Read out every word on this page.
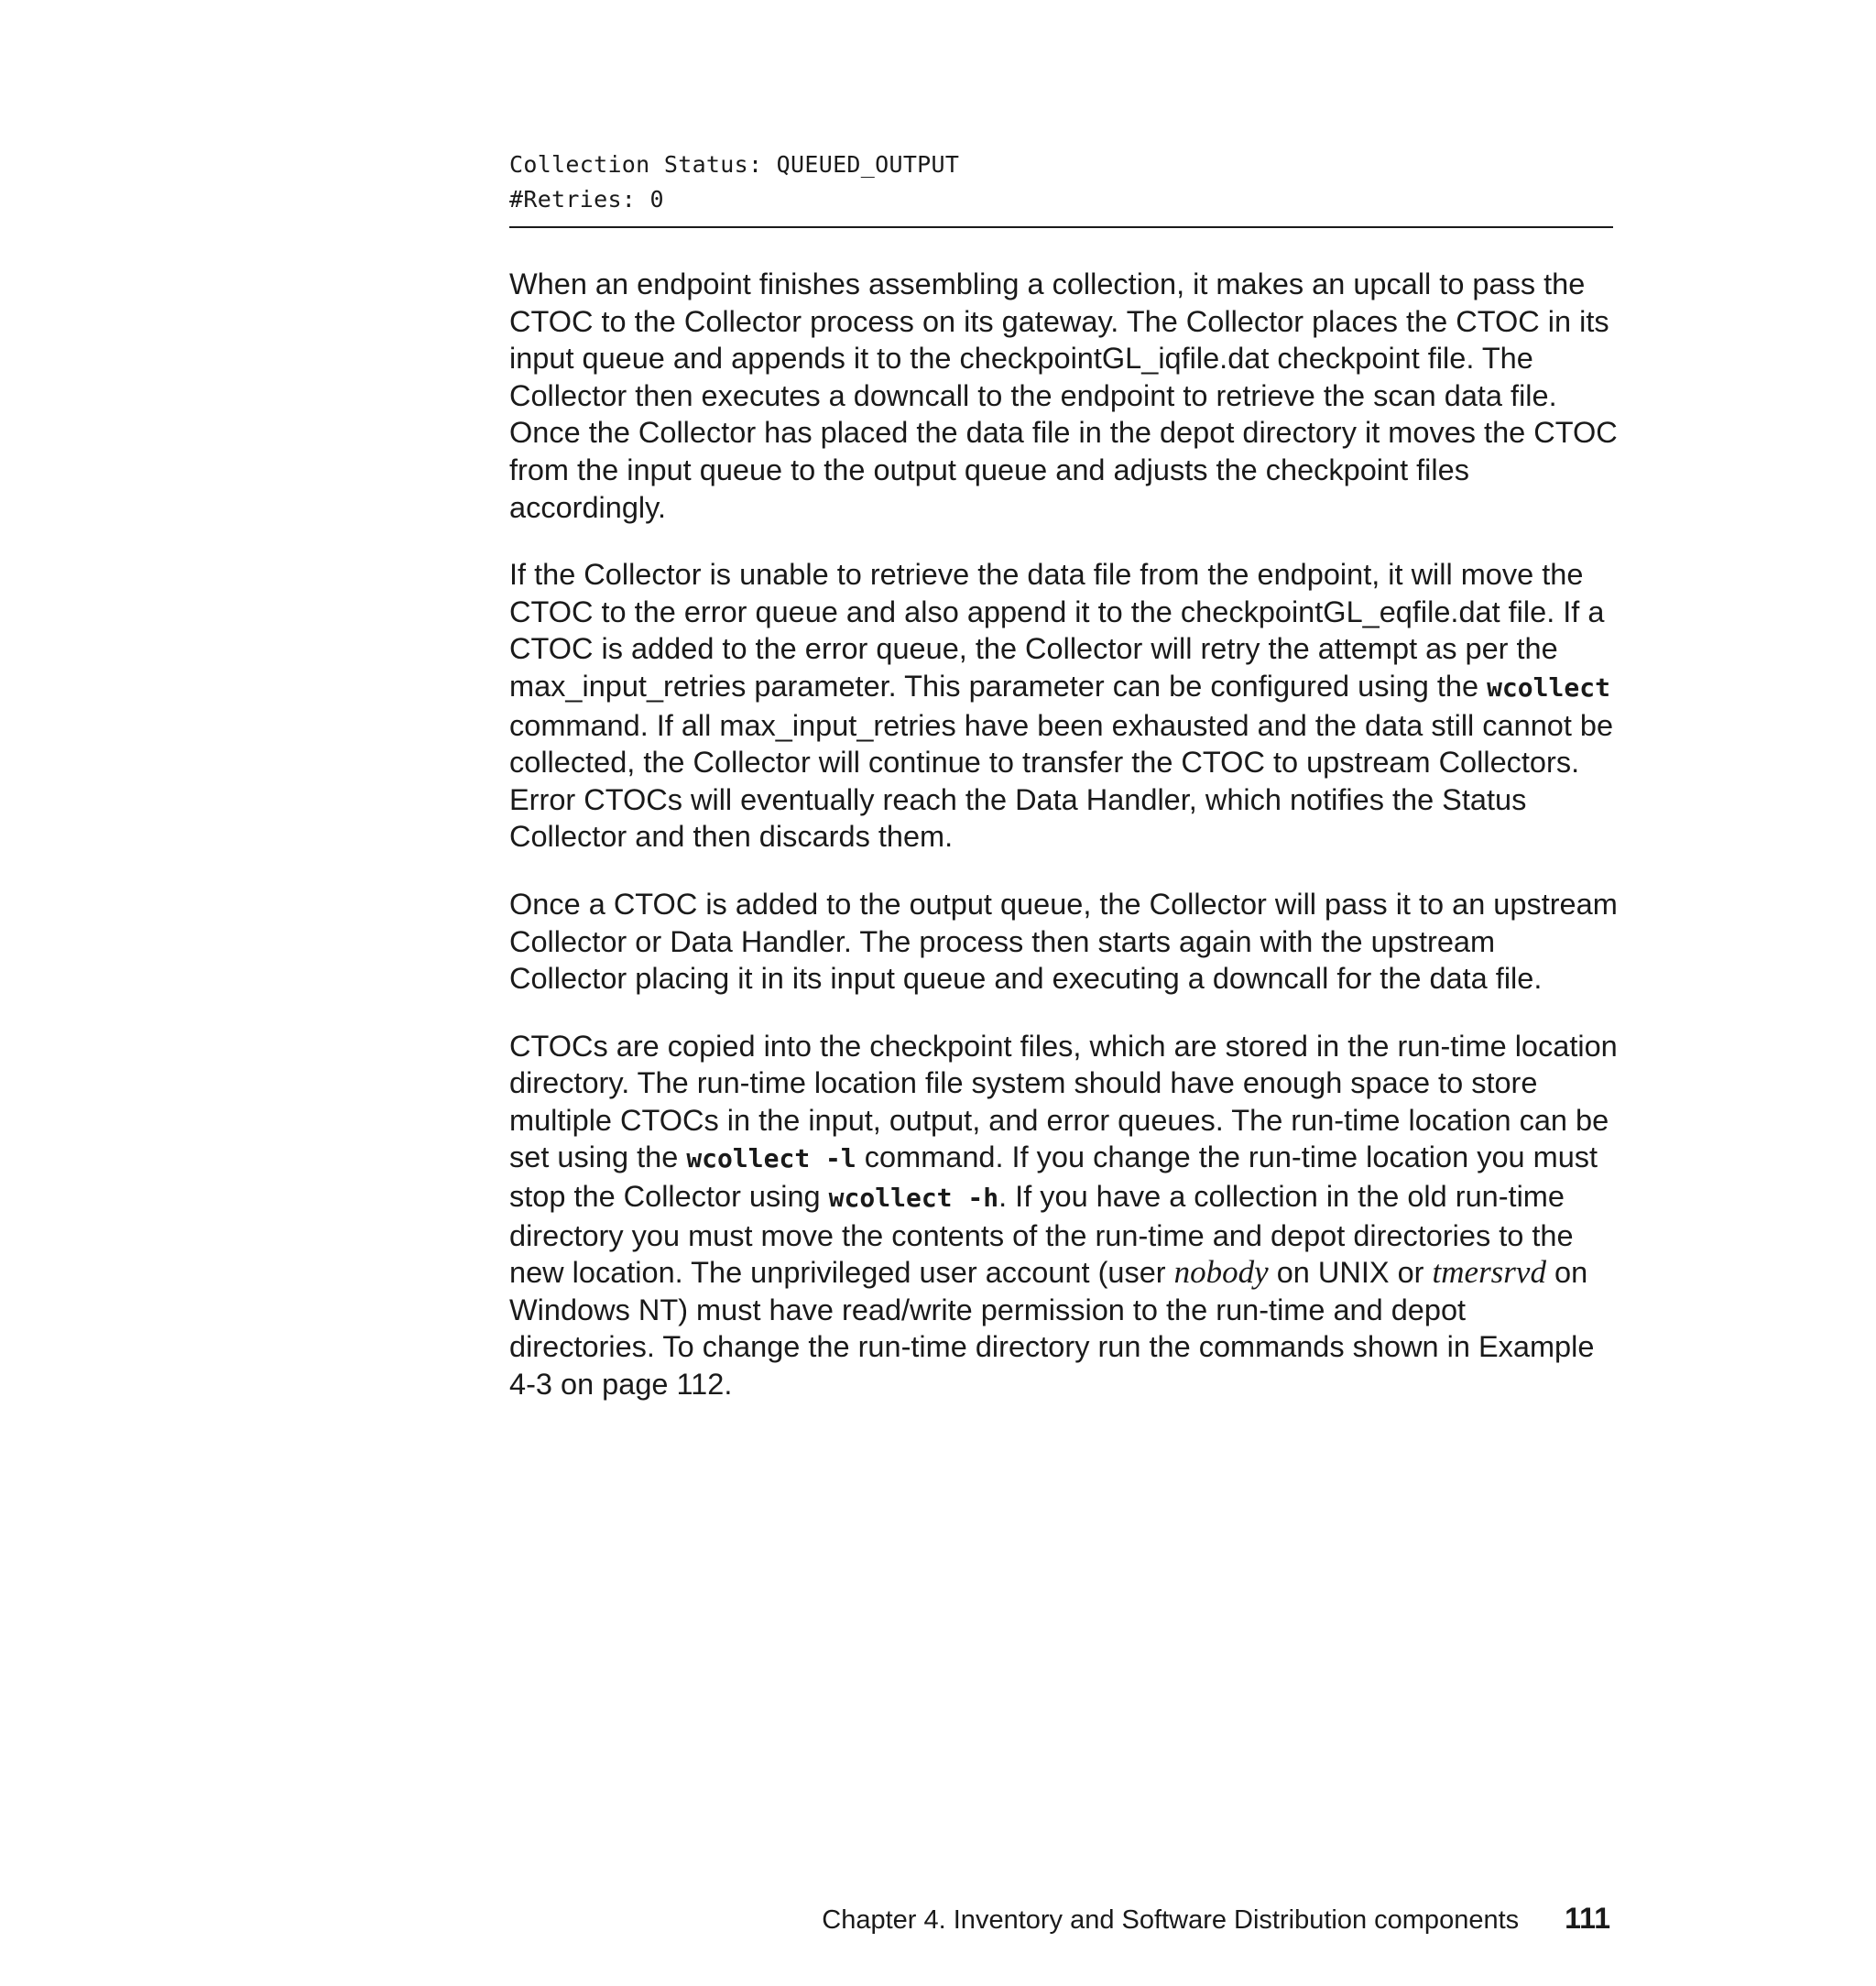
Collection Status: QUEUED_OUTPUT
#Retries: 0

When an endpoint finishes assembling a collection, it makes an upcall to pass the CTOC to the Collector process on its gateway. The Collector places the CTOC in its input queue and appends it to the checkpointGL_iqfile.dat checkpoint file. The Collector then executes a downcall to the endpoint to retrieve the scan data file. Once the Collector has placed the data file in the depot directory it moves the CTOC from the input queue to the output queue and adjusts the checkpoint files accordingly.

If the Collector is unable to retrieve the data file from the endpoint, it will move the CTOC to the error queue and also append it to the checkpointGL_eqfile.dat file. If a CTOC is added to the error queue, the Collector will retry the attempt as per the max_input_retries parameter. This parameter can be configured using the wcollect command. If all max_input_retries have been exhausted and the data still cannot be collected, the Collector will continue to transfer the CTOC to upstream Collectors. Error CTOCs will eventually reach the Data Handler, which notifies the Status Collector and then discards them.

Once a CTOC is added to the output queue, the Collector will pass it to an upstream Collector or Data Handler. The process then starts again with the upstream Collector placing it in its input queue and executing a downcall for the data file.

CTOCs are copied into the checkpoint files, which are stored in the run-time location directory. The run-time location file system should have enough space to store multiple CTOCs in the input, output, and error queues. The run-time location can be set using the wcollect -l command. If you change the run-time location you must stop the Collector using wcollect -h. If you have a collection in the old run-time directory you must move the contents of the run-time and depot directories to the new location. The unprivileged user account (user nobody on UNIX or tmersrvd on Windows NT) must have read/write permission to the run-time and depot directories. To change the run-time directory run the commands shown in Example 4-3 on page 112.

Chapter 4. Inventory and Software Distribution components 111
